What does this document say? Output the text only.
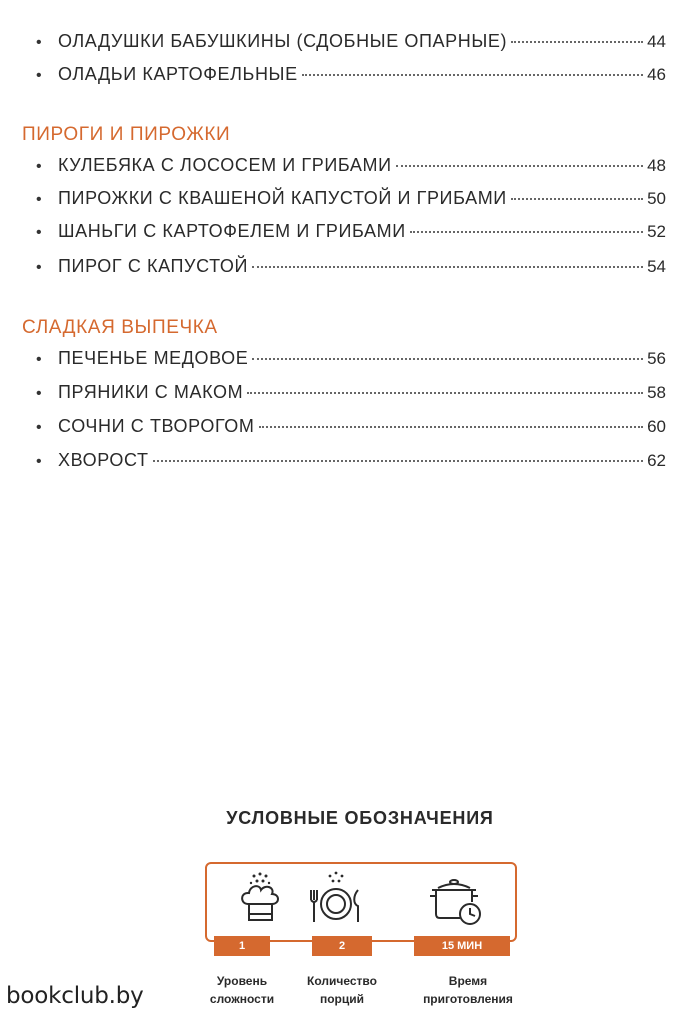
• ОЛАДУШКИ БАБУШКИНЫ (СДОБНЫЕ ОПАРНЫЕ)	44
• ОЛАДЬИ КАРТОФЕЛЬНЫЕ	46
ПИРОГИ И ПИРОЖКИ
• КУЛЕБЯКА С ЛОСОСЕМ И ГРИБАМИ	48
• ПИРОЖКИ С КВАШЕНОЙ КАПУСТОЙ И ГРИБАМИ	50
• ШАНЬГИ С КАРТОФЕЛЕМ И ГРИБАМИ	52
• ПИРОГ С КАПУСТОЙ	54
СЛАДКАЯ ВЫПЕЧКА
• ПЕЧЕНЬЕ МЕДОВОЕ	56
• ПРЯНИКИ С МАКОМ	58
• СОЧНИ С ТВОРОГОМ	60
• ХВОРОСТ	62
УСЛОВНЫЕ ОБОЗНАЧЕНИЯ
1
Уровень
сложности
2
Количество
порций
15 МИН
Время
приготовления
bookclub.by
